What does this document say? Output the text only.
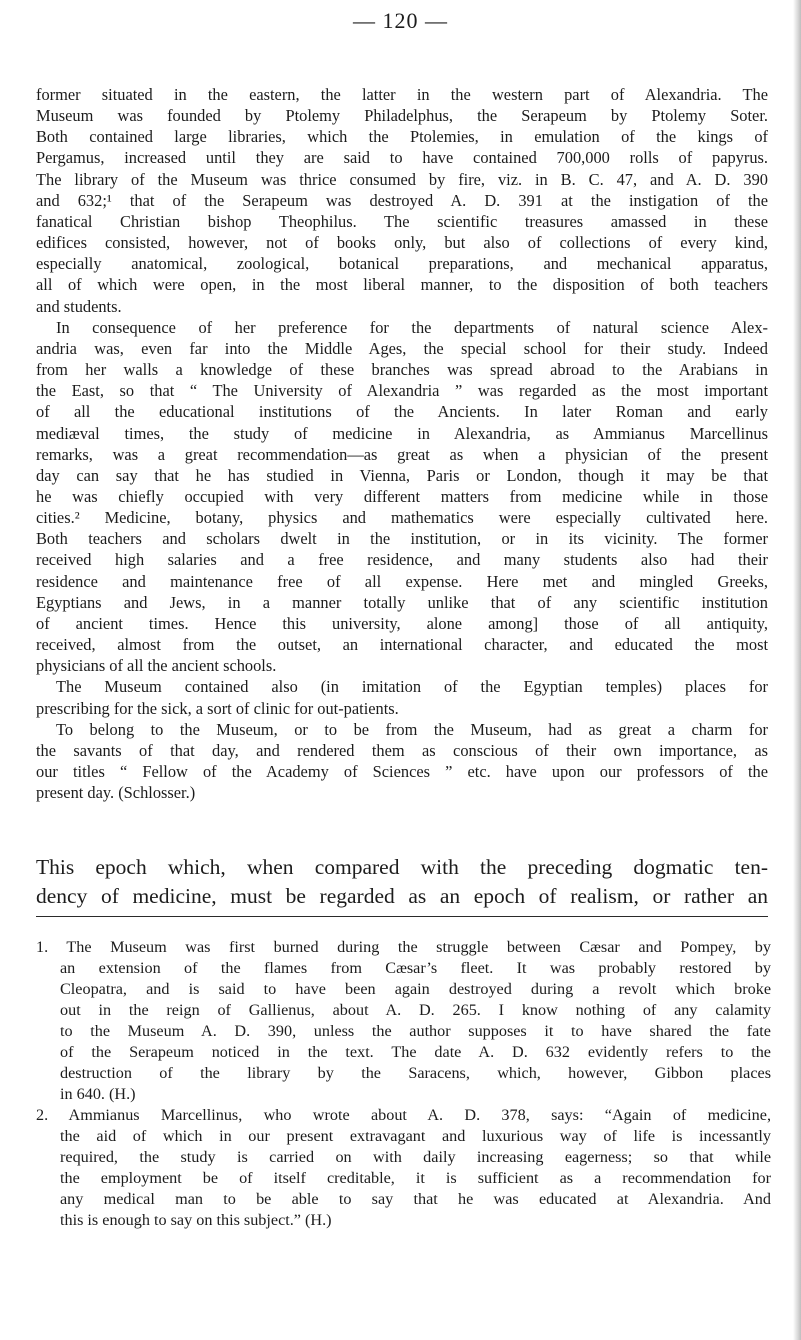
— 120 —
former situated in the eastern, the latter in the western part of Alexandria. The
Museum was founded by Ptolemy Philadelphus, the Serapeum by Ptolemy Soter.
Both contained large libraries, which the Ptolemies, in emulation of the kings of
Pergamus, increased until they are said to have contained 700,000 rolls of papyrus.
The library of the Museum was thrice consumed by fire, viz. in B. C. 47, and A. D. 390
and 632;¹ that of the Serapeum was destroyed A. D. 391 at the instigation of the
fanatical Christian bishop Theophilus. The scientific treasures amassed in these
edifices consisted, however, not of books only, but also of collections of every kind,
especially anatomical, zoological, botanical preparations, and mechanical apparatus,
all of which were open, in the most liberal manner, to the disposition of both teachers
and students.
In consequence of her preference for the departments of natural science Alex-
andria was, even far into the Middle Ages, the special school for their study. Indeed
from her walls a knowledge of these branches was spread abroad to the Arabians in
the East, so that “ The University of Alexandria ” was regarded as the most important
of all the educational institutions of the Ancients. In later Roman and early
mediæval times, the study of medicine in Alexandria, as Ammianus Marcellinus
remarks, was a great recommendation—as great as when a physician of the present
day can say that he has studied in Vienna, Paris or London, though it may be that
he was chiefly occupied with very different matters from medicine while in those
cities.² Medicine, botany, physics and mathematics were especially cultivated here.
Both teachers and scholars dwelt in the institution, or in its vicinity. The former
received high salaries and a free residence, and many students also had their
residence and maintenance free of all expense. Here met and mingled Greeks,
Egyptians and Jews, in a manner totally unlike that of any scientific institution
of ancient times. Hence this university, alone among] those of all antiquity,
received, almost from the outset, an international character, and educated the most
physicians of all the ancient schools.
The Museum contained also (in imitation of the Egyptian temples) places for
prescribing for the sick, a sort of clinic for out-patients.
To belong to the Museum, or to be from the Museum, had as great a charm for
the savants of that day, and rendered them as conscious of their own importance, as
our titles “ Fellow of the Academy of Sciences ” etc. have upon our professors of the
present day. (Schlosser.)
This epoch which, when compared with the preceding dogmatic ten-
dency of medicine, must be regarded as an epoch of realism, or rather an
1. The Museum was first burned during the struggle between Cæsar and Pompey, by
an extension of the flames from Cæsar’s fleet. It was probably restored by
Cleopatra, and is said to have been again destroyed during a revolt which broke
out in the reign of Gallienus, about A. D. 265. I know nothing of any calamity
to the Museum A. D. 390, unless the author supposes it to have shared the fate
of the Serapeum noticed in the text. The date A. D. 632 evidently refers to the
destruction of the library by the Saracens, which, however, Gibbon places
in 640. (H.)
2. Ammianus Marcellinus, who wrote about A. D. 378, says: “Again of medicine,
the aid of which in our present extravagant and luxurious way of life is incessantly
required, the study is carried on with daily increasing eagerness; so that while
the employment be of itself creditable, it is sufficient as a recommendation for
any medical man to be able to say that he was educated at Alexandria. And
this is enough to say on this subject.” (H.)
